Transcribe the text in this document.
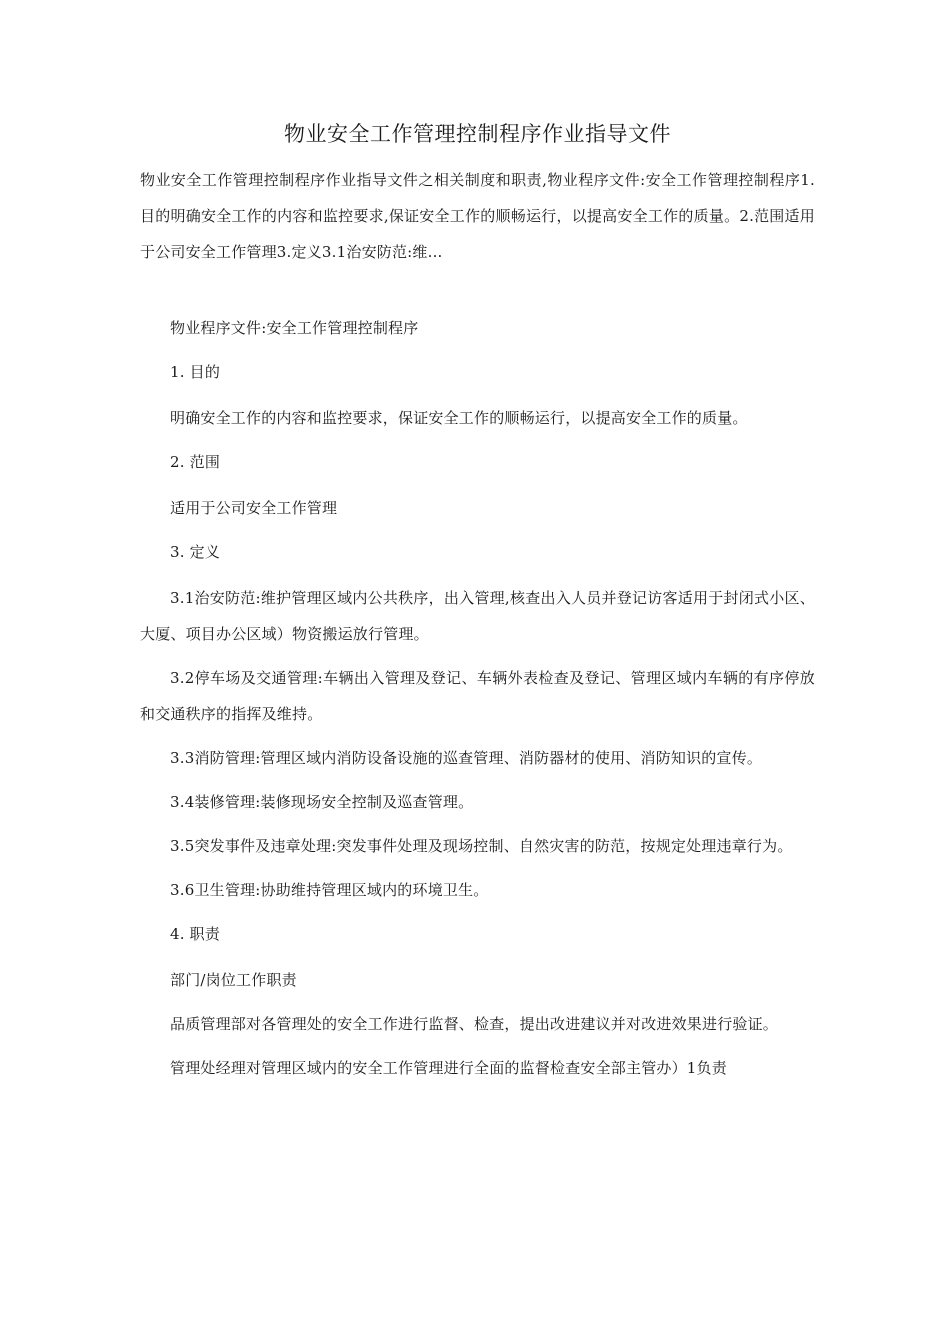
物业安全工作管理控制程序作业指导文件

物业安全工作管理控制程序作业指导文件之相关制度和职责,物业程序文件:安全工作管理控制程序1.目的明确安全工作的内容和监控要求,保证安全工作的顺畅运行，以提高安全工作的质量。2.范围适用于公司安全工作管理3.定义3.1治安防范:维...

物业程序文件:安全工作管理控制程序

1. 目的

明确安全工作的内容和监控要求，保证安全工作的顺畅运行，以提高安全工作的质量。

2. 范围

适用于公司安全工作管理

3. 定义

3.1治安防范:维护管理区域内公共秩序，出入管理,核查出入人员并登记访客适用于封闭式小区、大厦、项目办公区域）物资搬运放行管理。

3.2停车场及交通管理:车辆出入管理及登记、车辆外表检查及登记、管理区域内车辆的有序停放和交通秩序的指挥及维持。

3.3消防管理:管理区域内消防设备设施的巡查管理、消防器材的使用、消防知识的宣传。

3.4装修管理:装修现场安全控制及巡查管理。

3.5突发事件及违章处理:突发事件处理及现场控制、自然灾害的防范，按规定处理违章行为。

3.6卫生管理:协助维持管理区域内的环境卫生。

4. 职责

部门/岗位工作职责

品质管理部对各管理处的安全工作进行监督、检查，提出改进建议并对改进效果进行验证。

管理处经理对管理区域内的安全工作管理进行全面的监督检查安全部主管办）1负责
